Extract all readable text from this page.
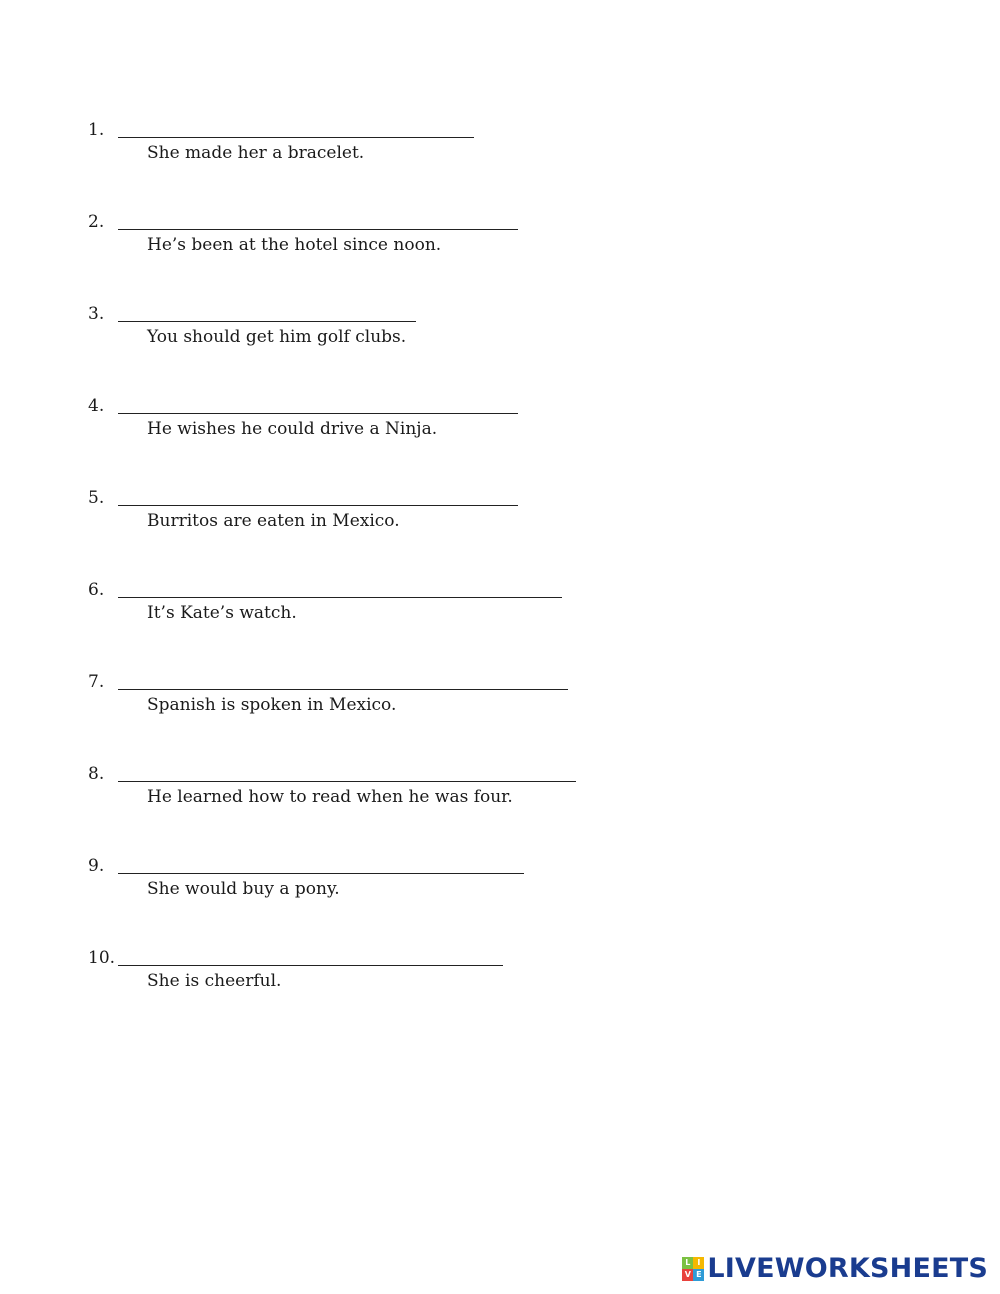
1.
She made her a bracelet.
2.
He’s been at the hotel since noon.
3.
You should get him golf clubs.
4.
He wishes he could drive a Ninja.
5.
Burritos are eaten in Mexico.
6.
It’s Kate’s watch.
7.
Spanish is spoken in Mexico.
8.
He learned how to read when he was four.
9.
She would buy a pony.
10.
She is cheerful.
L I
V E LIVEWORKSHEETS
